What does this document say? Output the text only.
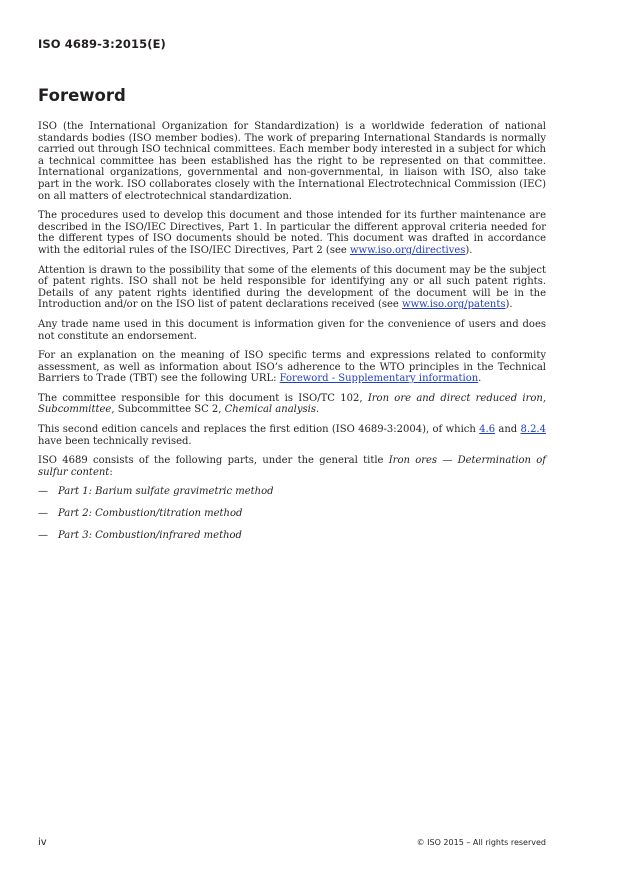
ISO 4689-3:2015(E)
Foreword

ISO (the International Organization for Standardization) is a worldwide federation of national standards bodies (ISO member bodies). The work of preparing International Standards is normally carried out through ISO technical committees. Each member body interested in a subject for which a technical committee has been established has the right to be represented on that committee. International organizations, governmental and non-governmental, in liaison with ISO, also take part in the work. ISO collaborates closely with the International Electrotechnical Commission (IEC) on all matters of electrotechnical standardization.

The procedures used to develop this document and those intended for its further maintenance are described in the ISO/IEC Directives, Part 1. In particular the different approval criteria needed for the different types of ISO documents should be noted. This document was drafted in accordance with the editorial rules of the ISO/IEC Directives, Part 2 (see www.iso.org/directives).

Attention is drawn to the possibility that some of the elements of this document may be the subject of patent rights. ISO shall not be held responsible for identifying any or all such patent rights. Details of any patent rights identified during the development of the document will be in the Introduction and/or on the ISO list of patent declarations received (see www.iso.org/patents).

Any trade name used in this document is information given for the convenience of users and does not constitute an endorsement.

For an explanation on the meaning of ISO specific terms and expressions related to conformity assessment, as well as information about ISO’s adherence to the WTO principles in the Technical Barriers to Trade (TBT) see the following URL: Foreword - Supplementary information.

The committee responsible for this document is ISO/TC 102, Iron ore and direct reduced iron, Subcommittee, Subcommittee SC 2, Chemical analysis.

This second edition cancels and replaces the first edition (ISO 4689-3:2004), of which 4.6 and 8.2.4 have been technically revised.

ISO 4689 consists of the following parts, under the general title Iron ores — Determination of sulfur content:

— Part 1: Barium sulfate gravimetric method
— Part 2: Combustion/titration method
— Part 3: Combustion/infrared method
iv	© ISO 2015 – All rights reserved
